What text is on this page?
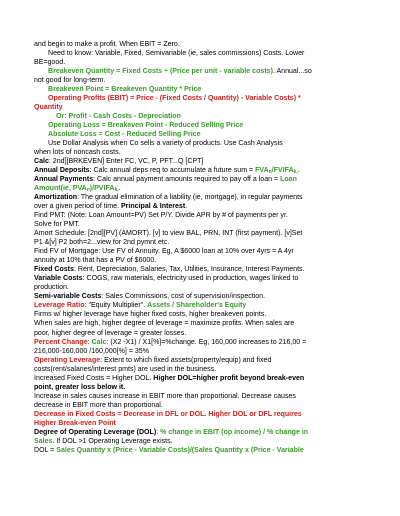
and begin to make a profit. When EBIT = Zero.
Need to know: Variable, Fixed, Semivariable (ie, sales commissions) Costs. Lower
BE=good.
Breakeven Quantity = Fixed Costs ÷ (Price per unit - variable costs). Annual...so
not good for long-term.
Breakeven Point = Breakeven Quantity * Price
Operating Profits (EBIT) = Price - (Fixed Costs / Quantity) - Variable Costs) *
Quantity
Or: Profit - Cash Costs - Depreciation
Operating Loss = Breakeven Point - Reduced Selling Price
Absolute Loss = Cost - Reduced Selling Price
Use Dollar Analysis when Co sells a variety of products. Use Cash Analysis
when lots of noncash costs.
Calc: 2nd][BRKEVEN] Enter FC, VC, P, PFT...Q [CPT]
Annual Deposits: Calc annual deps req to accumulate a future sum = $FVA_n/FVIFA_{k,}$.
Annual Payments: Calc annual payment amounts required to pay off a loan = Loan
Amount(ie, $PVA_n)/PVIFA_{k,}$.
Amortization: The gradual elimination of a liability (ie, mortgage), in regular payments
over a given period of time. Principal & Interest.
Find PMT: (Note: Loan Amount=PV) Set P/Y. Divide APR by # of payments per yr.
Solve for PMT.
Amort Schedule: [2nd][PV] (AMORT). [v] to view BAL, PRN, INT (first payment). [v]Set
P1 &[v] P2 both=2...view for 2nd pymnt etc.
Find FV of Mortgage: Use FV of Annuity. Eg, A $6000 loan at 10% over 4yrs = A 4yr
annuity at 10% that has a PV of $6000.
Fixed Costs: Rent, Depreciation, Salaries, Tax, Utilities, Insurance, Interest Payments.
Variable Costs: COGS, raw materials, electricity used in production, wages linked to
production.
Semi-variable Costs: Sales Commissions, cost of supervision/inspection.
Leverage Ratio: "Equity Multiplier". Assets / Shareholder's Equity
Firms w/ higher leverage have higher fixed costs, higher breakeven points.
When sales are high, higher degree of leverage = maximize profits. When sales are
poor, higher degree of leverage = greater losses.
Percent Change: Calc: (X2 -X1) / X1[%]=%change. Eg, 160,000 increases to 216,00 =
216,000-160,000 /160,000[%] = 35%
Operating Leverage: Extent to which fixed assets(property/equip) and fixed
costs(rent/salaries/interest pmts) are used in the business.
Increased Fixed Costs = Higher DOL. Higher DOL=higher profit beyond break-even
point, greater loss below it.
Increase in sales causes increase in EBIT more than proportional. Decrease causes
decrease in EBIT more than proportional.
Decrease in Fixed Costs = Decrease in DFL or DOL. Higher DOL or DFL requires
Higher Break-even Point
Degree of Operating Leverage (DOL): % change in EBIT (op income) / % change in
Sales. If DOL >1 Operating Leverage exists.
DOL = Sales Quantity x (Price - Variable Costs)/(Sales Quantity x (Price - Variable
